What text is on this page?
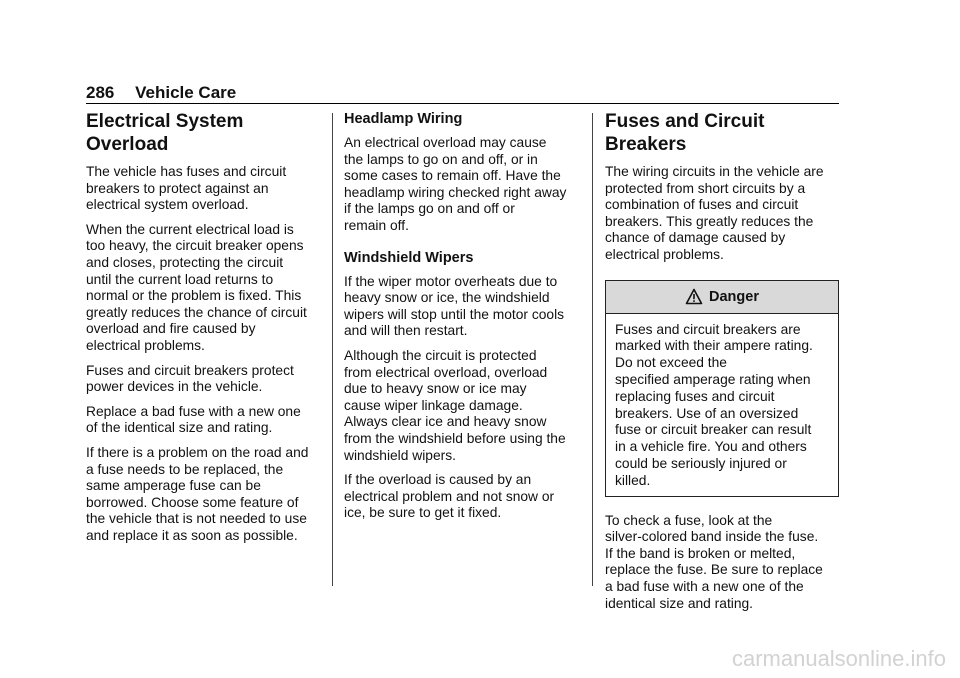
286 Vehicle Care
Electrical System
Overload

The vehicle has fuses and circuit
breakers to protect against an
electrical system overload.

When the current electrical load is
too heavy, the circuit breaker opens
and closes, protecting the circuit
until the current load returns to
normal or the problem is fixed. This
greatly reduces the chance of circuit
overload and fire caused by
electrical problems.

Fuses and circuit breakers protect
power devices in the vehicle.

Replace a bad fuse with a new one
of the identical size and rating.

If there is a problem on the road and
a fuse needs to be replaced, the
same amperage fuse can be
borrowed. Choose some feature of
the vehicle that is not needed to use
and replace it as soon as possible.

Headlamp Wiring

An electrical overload may cause
the lamps to go on and off, or in
some cases to remain off. Have the
headlamp wiring checked right away
if the lamps go on and off or
remain off.

Windshield Wipers

If the wiper motor overheats due to
heavy snow or ice, the windshield
wipers will stop until the motor cools
and will then restart.

Although the circuit is protected
from electrical overload, overload
due to heavy snow or ice may
cause wiper linkage damage.
Always clear ice and heavy snow
from the windshield before using the
windshield wipers.

If the overload is caused by an
electrical problem and not snow or
ice, be sure to get it fixed.

Fuses and Circuit
Breakers

The wiring circuits in the vehicle are
protected from short circuits by a
combination of fuses and circuit
breakers. This greatly reduces the
chance of damage caused by
electrical problems.

Danger
Fuses and circuit breakers are
marked with their ampere rating.
Do not exceed the
specified amperage rating when
replacing fuses and circuit
breakers. Use of an oversized
fuse or circuit breaker can result
in a vehicle fire. You and others
could be seriously injured or
killed.

To check a fuse, look at the
silver-colored band inside the fuse.
If the band is broken or melted,
replace the fuse. Be sure to replace
a bad fuse with a new one of the
identical size and rating.

carmanualsonline.info
